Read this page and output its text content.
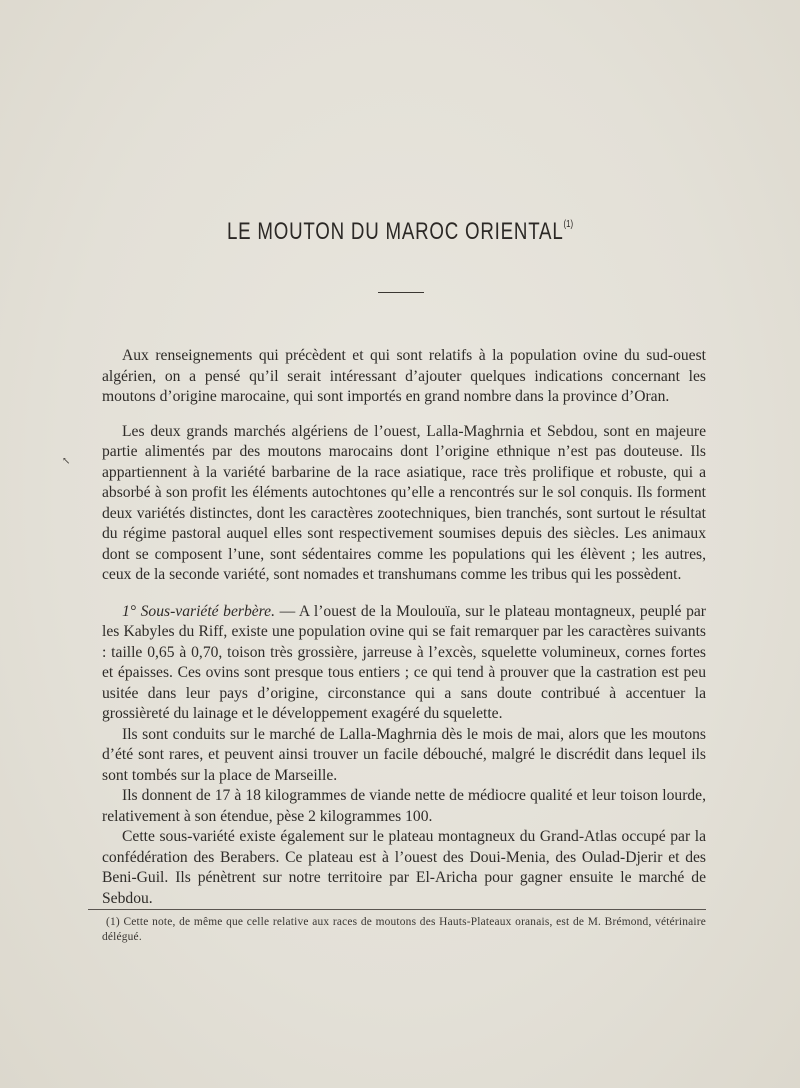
LE MOUTON DU MAROC ORIENTAL$^{(1)}$
↖

Aux renseignements qui précèdent et qui sont relatifs à la population ovine du sud-ouest algérien, on a pensé qu’il serait intéressant d’ajouter quelques indications concernant les moutons d’origine marocaine, qui sont importés en grand nombre dans la province d’Oran.

Les deux grands marchés algériens de l’ouest, Lalla-Maghrnia et Sebdou, sont en majeure partie alimentés par des moutons marocains dont l’origine ethnique n’est pas douteuse. Ils appartiennent à la variété barbarine de la race asiatique, race très prolifique et robuste, qui a absorbé à son profit les éléments autochtones qu’elle a rencontrés sur le sol conquis. Ils forment deux variétés distinctes, dont les caractères zootechniques, bien tranchés, sont surtout le résultat du régime pastoral auquel elles sont respectivement soumises depuis des siècles. Les animaux dont se composent l’une, sont sédentaires comme les populations qui les élèvent ; les autres, ceux de la seconde variété, sont nomades et transhumans comme les tribus qui les possèdent.

1° Sous-variété berbère. — A l’ouest de la Moulouïa, sur le plateau montagneux, peuplé par les Kabyles du Riff, existe une population ovine qui se fait remarquer par les caractères suivants : taille 0,65 à 0,70, toison très grossière, jarreuse à l’excès, squelette volumineux, cornes fortes et épaisses. Ces ovins sont presque tous entiers ; ce qui tend à prouver que la castration est peu usitée dans leur pays d’origine, circonstance qui a sans doute contribué à accentuer la grossièreté du lainage et le développement exagéré du squelette.

Ils sont conduits sur le marché de Lalla-Maghrnia dès le mois de mai, alors que les moutons d’été sont rares, et peuvent ainsi trouver un facile débouché, malgré le discrédit dans lequel ils sont tombés sur la place de Marseille.

Ils donnent de 17 à 18 kilogrammes de viande nette de médiocre qualité et leur toison lourde, relativement à son étendue, pèse 2 kilogrammes 100.

Cette sous-variété existe également sur le plateau montagneux du Grand-Atlas occupé par la confédération des Berabers. Ce plateau est à l’ouest des Doui-Menia, des Oulad-Djerir et des Beni-Guil. Ils pénètrent sur notre territoire par El-Aricha pour gagner ensuite le marché de Sebdou.

(1) Cette note, de même que celle relative aux races de moutons des Hauts-Plateaux oranais, est de M. Brémond, vétérinaire délégué.
